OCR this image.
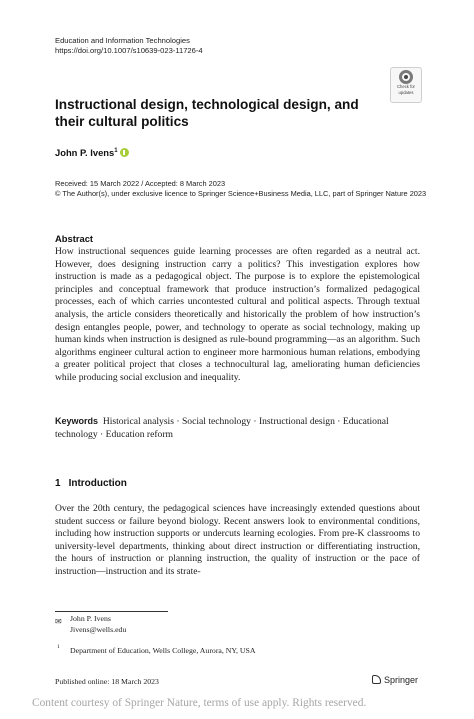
Education and Information Technologies
https://doi.org/10.1007/s10639-023-11726-4
Check for
updates
Instructional design, technological design, and their cultural politics
John P. Ivens$^1$
Received: 15 March 2022 / Accepted: 8 March 2023
© The Author(s), under exclusive licence to Springer Science+Business Media, LLC, part of Springer Nature 2023
Abstract
How instructional sequences guide learning processes are often regarded as a neutral act. However, does designing instruction carry a politics? This investigation explores how instruction is made as a pedagogical object. The purpose is to explore the epistemological principles and conceptual framework that produce instruction’s formalized pedagogical processes, each of which carries uncontested cultural and political aspects. Through textual analysis, the article considers theoretically and historically the problem of how instruction’s design entangles people, power, and technology to operate as social technology, making up human kinds when instruction is designed as rule-bound programming—as an algorithm. Such algorithms engineer cultural action to engineer more harmonious human relations, embodying a greater political project that closes a technocultural lag, ameliorating human deficiencies while producing social exclusion and inequality.
Keywords Historical analysis · Social technology · Instructional design · Educational technology · Education reform
1 Introduction
Over the 20th century, the pedagogical sciences have increasingly extended questions about student success or failure beyond biology. Recent answers look to environmental conditions, including how instruction supports or undercuts learning ecologies. From pre-K classrooms to university-level departments, thinking about direct instruction or differentiating instruction, the hours of instruction or planning instruction, the quality of instruction or the pace of instruction—instruction and its strate-
✉ John P. Ivens
Jivens@wells.edu
1 Department of Education, Wells College, Aurora, NY, USA
Published online: 18 March 2023	Springer
Content courtesy of Springer Nature, terms of use apply. Rights reserved.
